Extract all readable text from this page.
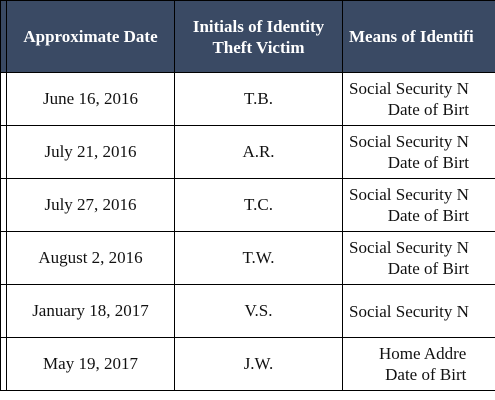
	Approximate Date	Initials of Identity
Theft Victim	Means of Identifi
	June 16, 2016	T.B.	Social Security N
Date of Birt

	July 21, 2016	A.R.	Social Security N
Date of Birt

	July 27, 2016	T.C.	Social Security N
Date of Birt

	August 2, 2016	T.W.	Social Security N
Date of Birt

	January 18, 2017	V.S.	Social Security N

	May 19, 2017	J.W.	Home Addre
Date of Birt
